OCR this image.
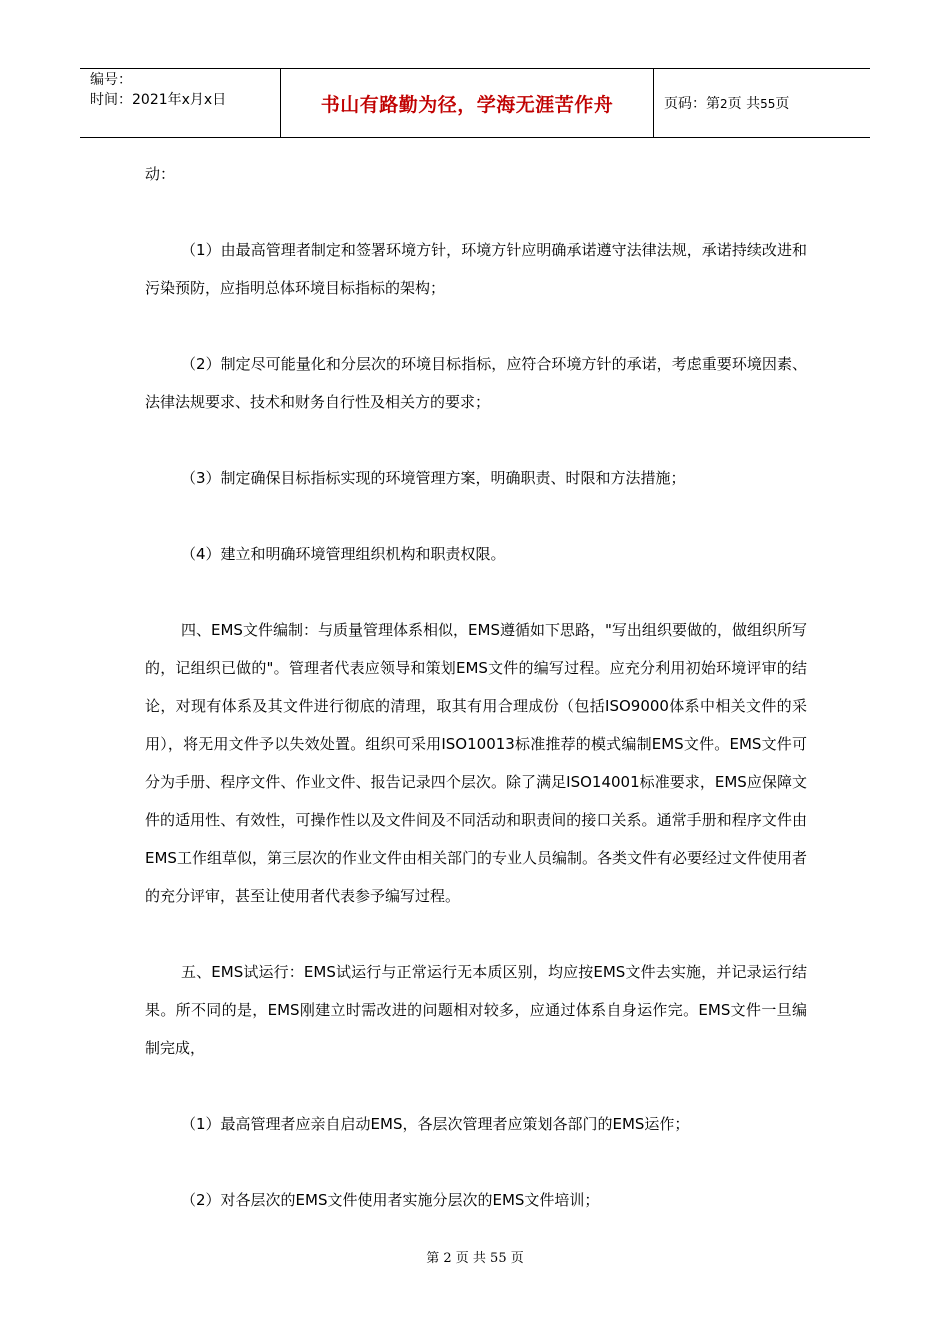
编号：
时间：2021年x月x日	书山有路勤为径，学海无涯苦作舟	页码：第2页 共55页

动：

（1）由最高管理者制定和签署环境方针，环境方针应明确承诺遵守法律法规，承诺持续改进和污染预防，应指明总体环境目标指标的架构；

（2）制定尽可能量化和分层次的环境目标指标，应符合环境方针的承诺，考虑重要环境因素、法律法规要求、技术和财务自行性及相关方的要求；

（3）制定确保目标指标实现的环境管理方案，明确职责、时限和方法措施；

（4）建立和明确环境管理组织机构和职责权限。

四、EMS文件编制：与质量管理体系相似，EMS遵循如下思路，"写出组织要做的，做组织所写的，记组织已做的"。管理者代表应领导和策划EMS文件的编写过程。应充分利用初始环境评审的结论，对现有体系及其文件进行彻底的清理，取其有用合理成份（包括ISO9000体系中相关文件的采用），将无用文件予以失效处置。组织可采用ISO10013标准推荐的模式编制EMS文件。EMS文件可分为手册、程序文件、作业文件、报告记录四个层次。除了满足ISO14001标准要求，EMS应保障文件的适用性、有效性，可操作性以及文件间及不同活动和职责间的接口关系。通常手册和程序文件由EMS工作组草似，第三层次的作业文件由相关部门的专业人员编制。各类文件有必要经过文件使用者的充分评审，甚至让使用者代表参予编写过程。

五、EMS试运行：EMS试运行与正常运行无本质区别，均应按EMS文件去实施，并记录运行结果。所不同的是，EMS刚建立时需改进的问题相对较多，应通过体系自身运作完。EMS文件一旦编制完成，

（1）最高管理者应亲自启动EMS，各层次管理者应策划各部门的EMS运作；

（2）对各层次的EMS文件使用者实施分层次的EMS文件培训；

第 2 页 共 55 页
